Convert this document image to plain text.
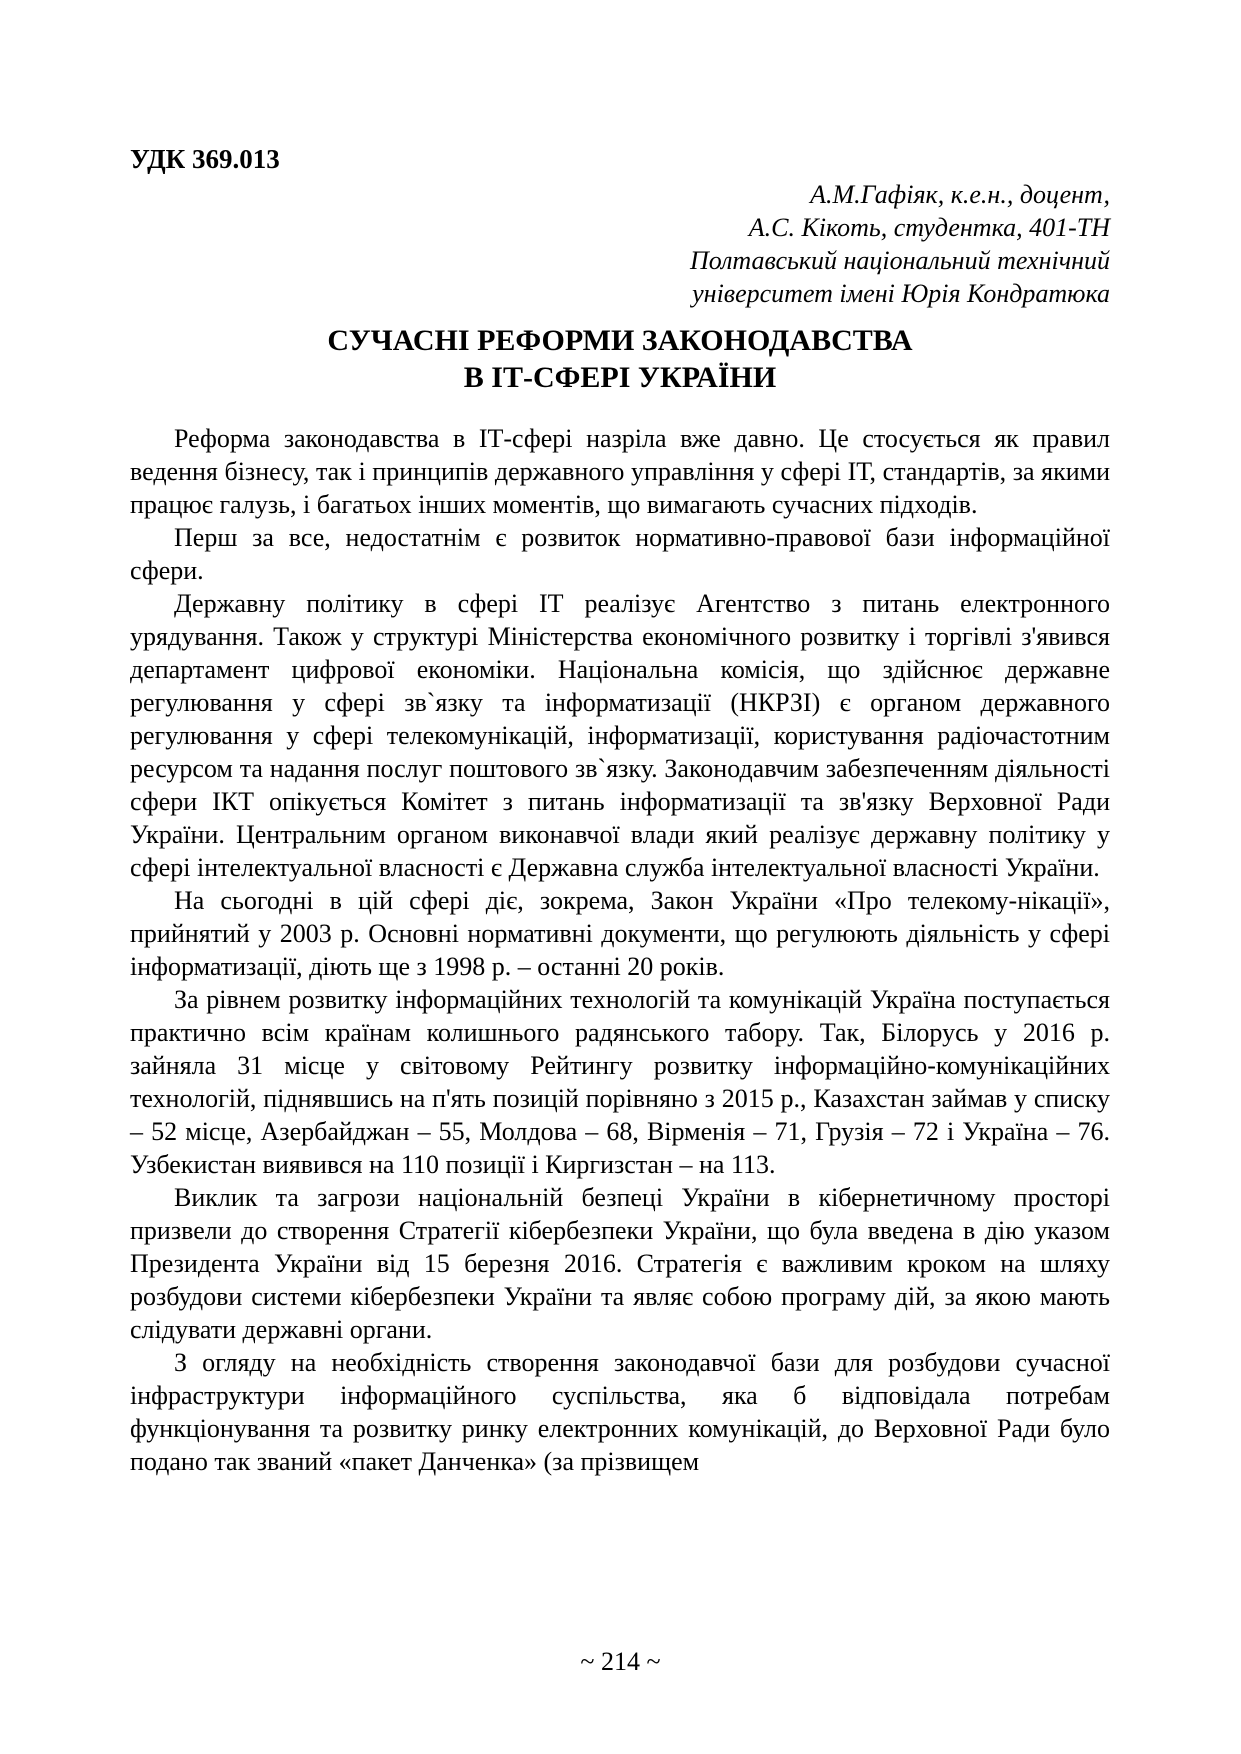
УДК 369.013
А.М.Гафіяк, к.е.н., доцент,
А.С. Кікоть, студентка, 401-ТН
Полтавський національний технічний
університет імені Юрія Кондратюка
СУЧАСНІ РЕФОРМИ ЗАКОНОДАВСТВА
В ІТ-СФЕРІ УКРАЇНИ

Реформа законодавства в ІТ-сфері назріла вже давно. Це стосується як правил ведення бізнесу, так і принципів державного управління у сфері ІТ, стандартів, за якими працює галузь, і багатьох інших моментів, що вимагають сучасних підходів.

Перш за все, недостатнім є розвиток нормативно-правової бази інформаційної сфери.

Державну політику в сфері ІТ реалізує Агентство з питань електронного урядування. Також у структурі Міністерства економічного розвитку і торгівлі з'явився департамент цифрової економіки. Національна комісія, що здійснює державне регулювання у сфері зв`язку та інформатизації (НКРЗІ) є органом державного регулювання у сфері телекомунікацій, інформатизації, користування радіочастотним ресурсом та надання послуг поштового зв`язку. Законодавчим забезпеченням діяльності сфери ІКТ опікується Комітет з питань інформатизації та зв'язку Верховної Ради України. Центральним органом виконавчої влади який реалізує державну політику у сфері інтелектуальної власності є Державна служба інтелектуальної власності України.

На сьогодні в цій сфері діє, зокрема, Закон України «Про телекому-нікації», прийнятий у 2003 р. Основні нормативні документи, що регулюють діяльність у сфері інформатизації, діють ще з 1998 р. – останні 20 років.

За рівнем розвитку інформаційних технологій та комунікацій Україна поступається практично всім країнам колишнього радянського табору. Так, Білорусь у 2016 р. зайняла 31 місце у світовому Рейтингу розвитку інформаційно-комунікаційних технологій, піднявшись на п'ять позицій порівняно з 2015 р., Казахстан займав у списку – 52 місце, Азербайджан – 55, Молдова – 68, Вірменія – 71, Грузія – 72 і Україна – 76. Узбекистан виявився на 110 позиції і Киргизстан – на 113.

Виклик та загрози національній безпеці України в кібернетичному просторі призвели до створення Стратегії кібербезпеки України, що була введена в дію указом Президента України від 15 березня 2016. Стратегія є важливим кроком на шляху розбудови системи кібербезпеки України та являє собою програму дій, за якою мають слідувати державні органи.

З огляду на необхідність створення законодавчої бази для розбудови сучасної інфраструктури інформаційного суспільства, яка б відповідала потребам функціонування та розвитку ринку електронних комунікацій, до Верховної Ради було подано так званий «пакет Данченка» (за прізвищем

~ 214 ~
